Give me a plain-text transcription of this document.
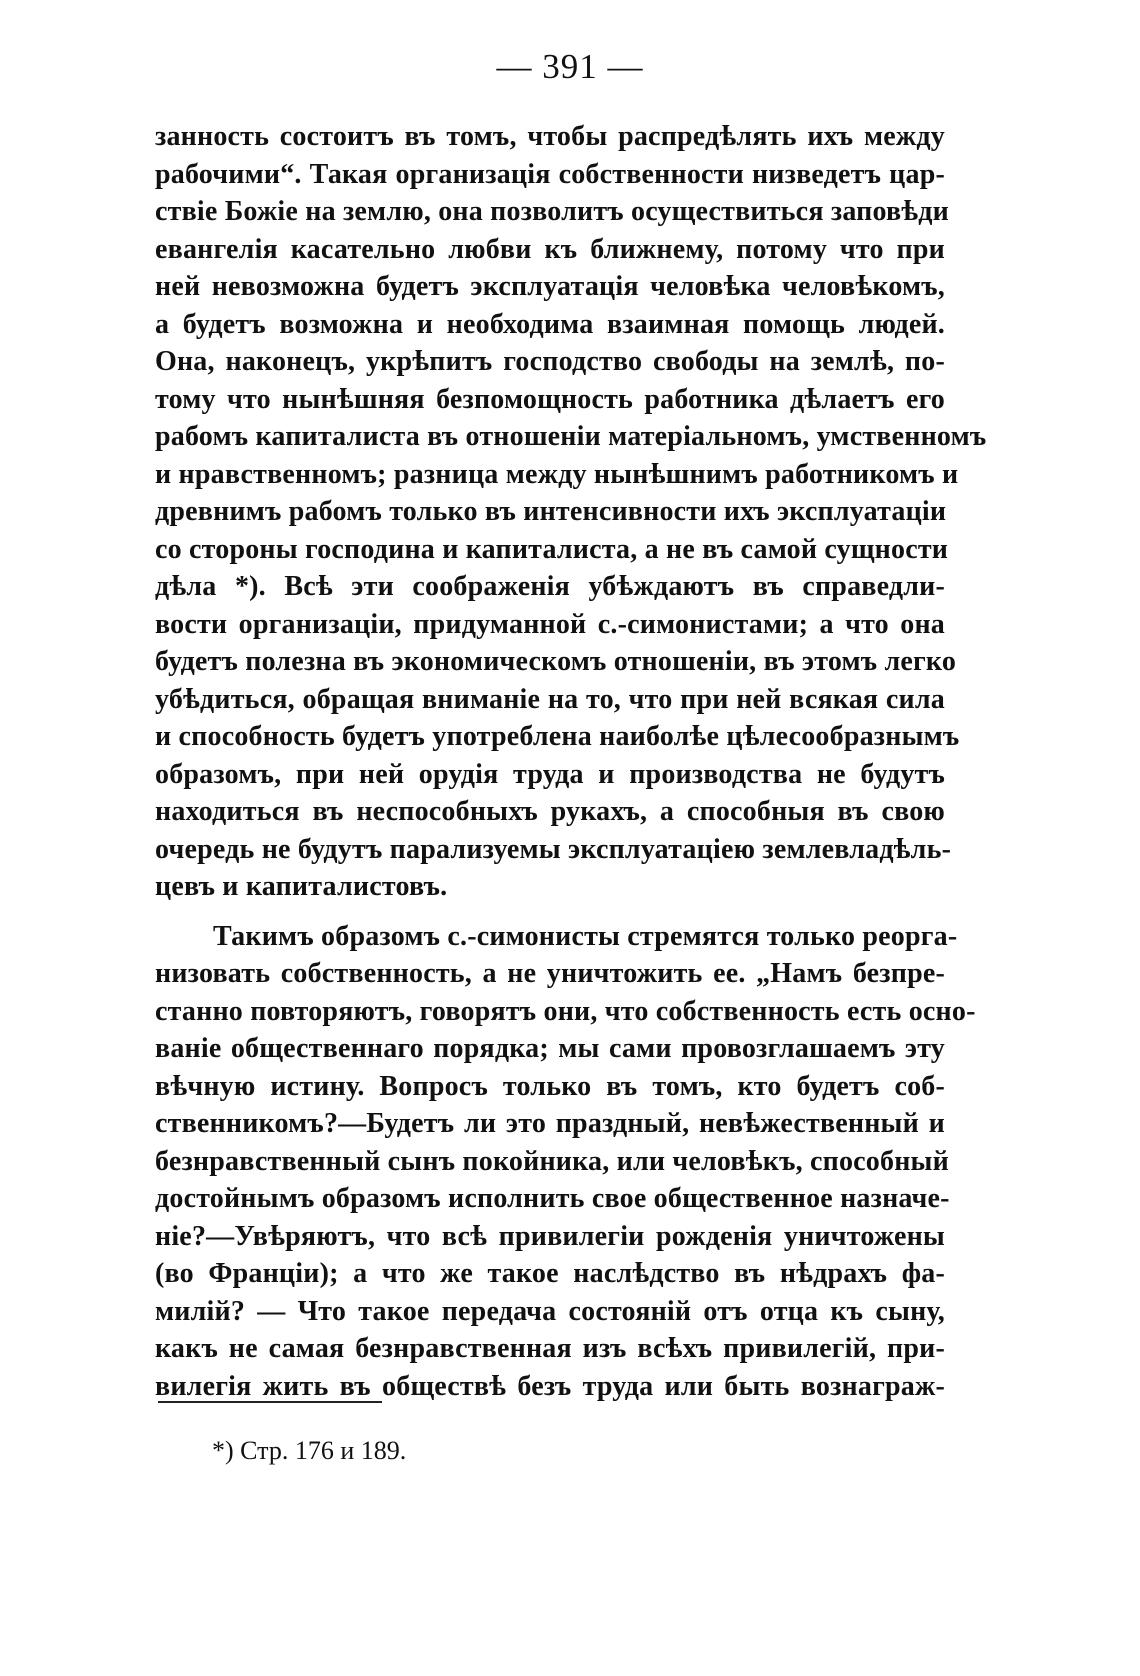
— 391 —
занность состоитъ въ томъ, чтобы распредѣлять ихъ между
рабочими“. Такая организація собственности низведетъ цар-
ствіе Божіе на землю, она позволитъ осуществиться заповѣди
евангелія касательно любви къ ближнему, потому что при
ней невозможна будетъ эксплуатація человѣка человѣкомъ,
а будетъ возможна и необходима взаимная помощь людей.
Она, наконецъ, укрѣпитъ господство свободы на землѣ, по-
тому что нынѣшняя безпомощность работника дѣлаетъ его
рабомъ капиталиста въ отношеніи матеріальномъ, умственномъ
и нравственномъ; разница между нынѣшнимъ работникомъ и
древнимъ рабомъ только въ интенсивности ихъ эксплуатаціи
со стороны господина и капиталиста, а не въ самой сущности
дѣла *). Всѣ эти соображенія убѣждаютъ въ справедли-
вости организаціи, придуманной с.-симонистами; а что она
будетъ полезна въ экономическомъ отношеніи, въ этомъ легко
убѣдиться, обращая вниманіе на то, что при ней всякая сила
и способность будетъ употреблена наиболѣе цѣлесообразнымъ
образомъ, при ней орудія труда и производства не будутъ
находиться въ неспособныхъ рукахъ, а способныя въ свою
очередь не будутъ парализуемы эксплуатаціею землевладѣль-
цевъ и капиталистовъ.
Такимъ образомъ с.-симонисты стремятся только реорга-
низовать собственность, а не уничтожить ее. „Намъ безпре-
станно повторяютъ, говорятъ они, что собственность есть осно-
ваніе общественнаго порядка; мы сами провозглашаемъ эту
вѣчную истину. Вопросъ только въ томъ, кто будетъ соб-
ственникомъ?—Будетъ ли это праздный, невѣжественный и
безнравственный сынъ покойника, или человѣкъ, способный
достойнымъ образомъ исполнить свое общественное назначе-
ніе?—Увѣряютъ, что всѣ привилегіи рожденія уничтожены
(во Франціи); а что же такое наслѣдство въ нѣдрахъ фа-
милій? — Что такое передача состояній отъ отца къ сыну,
какъ не самая безнравственная изъ всѣхъ привилегій, при-
вилегія жить въ обществѣ безъ труда или быть вознаграж-
*) Стр. 176 и 189.
